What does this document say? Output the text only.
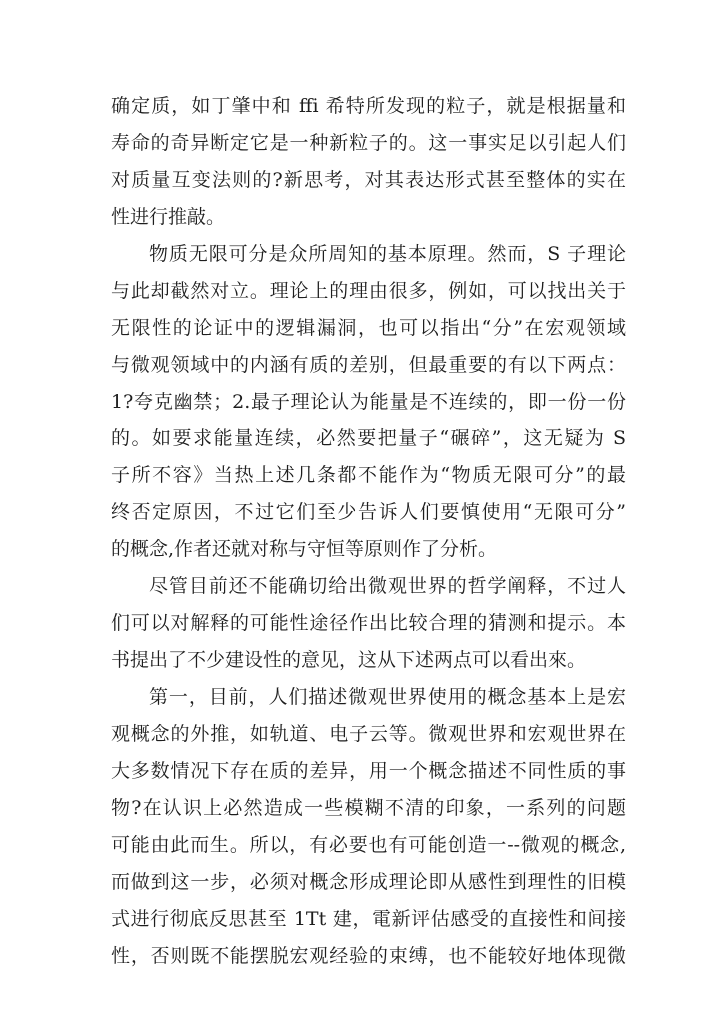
确定质，如丁肇中和 ffi 希特所发现的粒子，就是根据量和
寿命的奇异断定它是一种新粒子的。这一事实足以引起人们
对质量互变法则的?新思考，对其表达形式甚至整体的实在
性进行推敲。
物质无限可分是众所周知的基本原理。然而，S 子理论
与此却截然对立。理论上的理由很多，例如，可以找出关于
无限性的论证中的逻辑漏洞，也可以指出“分”在宏观领域
与微观领域中的内涵有质的差别，但最重要的有以下两点：
1?夸克幽禁；2.最子理论认为能量是不连续的，即一份一份
的。如要求能量连续，必然要把量子“碾碎”，这无疑为 S
子所不容》当热上述几条都不能作为“物质无限可分”的最
终否定原因，不过它们至少告诉人们要慎使用“无限可分”
的概念,作者还就对称与守恒等原则作了分析。
尽管目前还不能确切给出微观世界的哲学阐释，不过人
们可以对解释的可能性途径作出比较合理的猜测和提示。本
书提出了不少建设性的意见，这从下述两点可以看出來。
第一，目前，人们描述微观世界使用的概念基本上是宏
观概念的外推，如轨道、电子云等。微观世界和宏观世界在
大多数情况下存在质的差异，用一个概念描述不同性质的事
物?在认识上必然造成一些模糊不清的印象，一系列的问题
可能由此而生。所以，有必要也有可能创造一--微观的概念,
而做到这一步，必须对概念形成理论即从感性到理性的旧模
式进行彻底反思甚至 1Tt 建，電新评估感受的直接性和间接
性，否则既不能摆脱宏观经验的束缚，也不能较好地体现微
